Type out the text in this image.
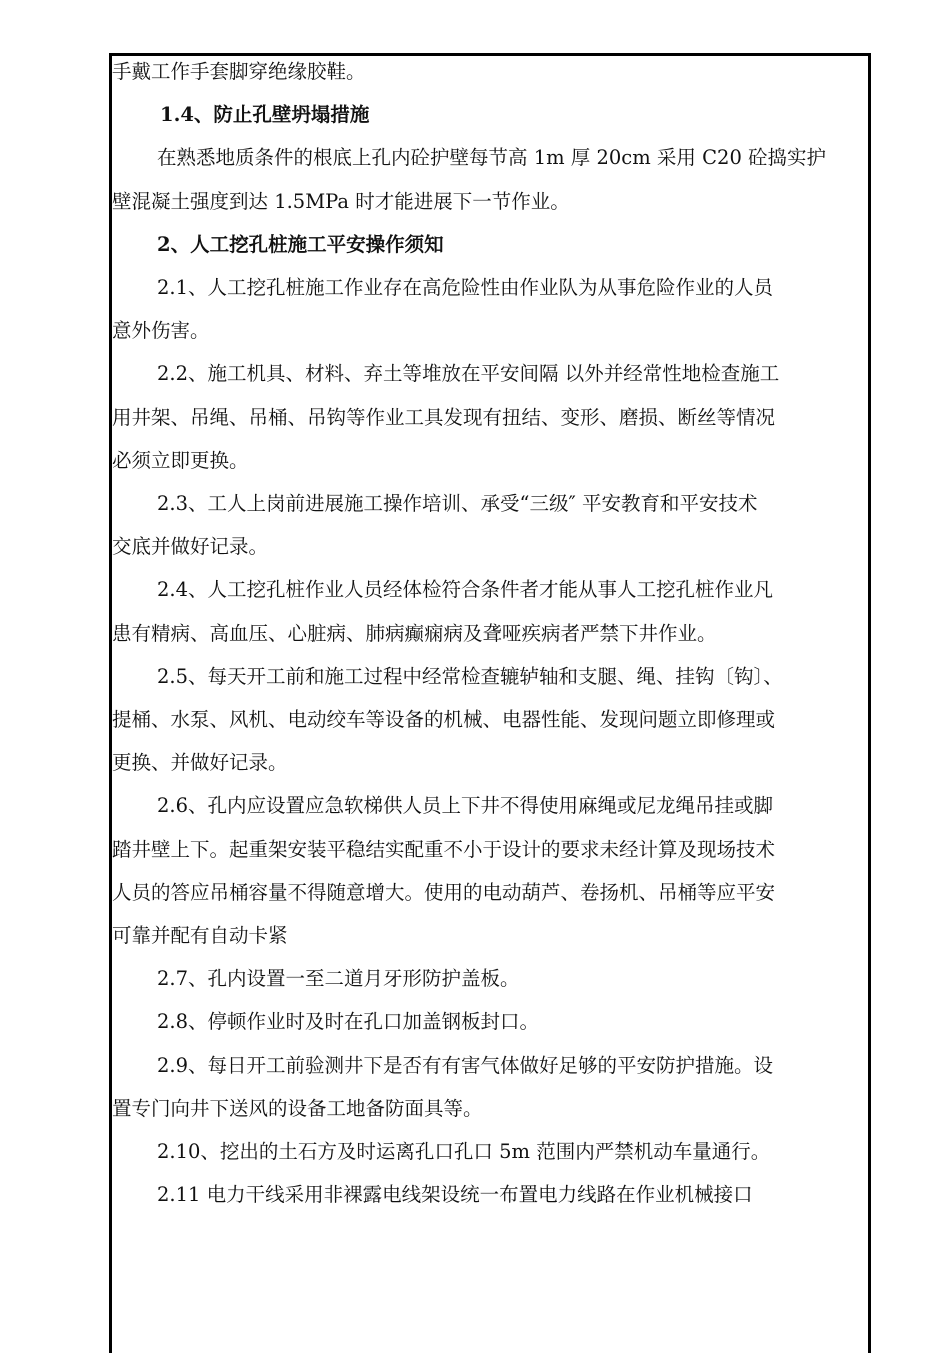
手戴工作手套脚穿绝缘胶鞋。

1.4、防止孔壁坍塌措施

在熟悉地质条件的根底上孔内砼护壁每节高 1m 厚 20cm 采用 C20 砼捣实护

壁混凝土强度到达 1.5MPa 时才能进展下一节作业。

2、人工挖孔桩施工平安操作须知

2.1、人工挖孔桩施工作业存在高危险性由作业队为从事危险作业的人员

意外伤害。

2.2、施工机具、材料、弃土等堆放在平安间隔 以外并经常性地检查施工

用井架、吊绳、吊桶、吊钩等作业工具发现有扭结、变形、磨损、断丝等情况

必须立即更换。

2.3、工人上岗前进展施工操作培训、承受“三级″ 平安教育和平安技术

交底并做好记录。

2.4、人工挖孔桩作业人员经体检符合条件者才能从事人工挖孔桩作业凡

患有精病、高血压、心脏病、肺病癫痫病及聋哑疾病者严禁下井作业。

2.5、每天开工前和施工过程中经常检查辘轳轴和支腿、绳、挂钩〔钩〕、

提桶、水泵、风机、电动绞车等设备的机械、电器性能、发现问题立即修理或

更换、并做好记录。

2.6、孔内应设置应急软梯供人员上下井不得使用麻绳或尼龙绳吊挂或脚

踏井壁上下。起重架安装平稳结实配重不小于设计的要求未经计算及现场技术

人员的答应吊桶容量不得随意增大。使用的电动葫芦、卷扬机、吊桶等应平安

可靠并配有自动卡紧

2.7、孔内设置一至二道月牙形防护盖板。

2.8、停顿作业时及时在孔口加盖钢板封口。

2.9、每日开工前验测井下是否有有害气体做好足够的平安防护措施。设

置专门向井下送风的设备工地备防面具等。

2.10、挖出的土石方及时运离孔口孔口 5m 范围内严禁机动车量通行。

2.11 电力干线采用非裸露电线架设统一布置电力线路在作业机械接口
